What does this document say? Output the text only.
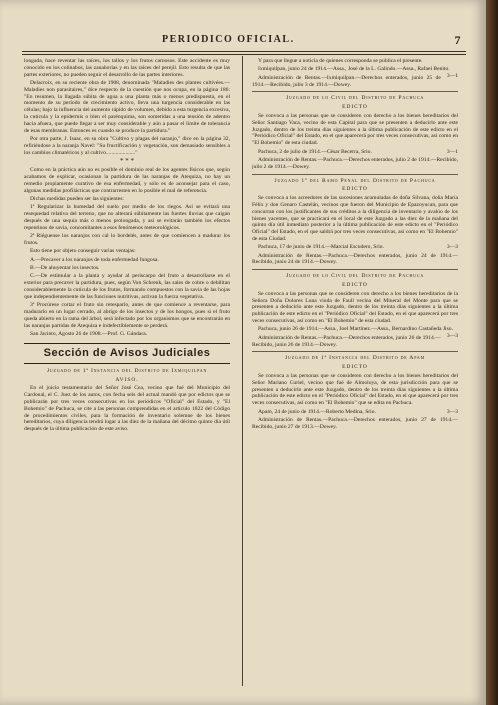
PERIODICO OFICIAL.	7

longada, hace reventar las raíces, los tallos y los frutos carnosos. Este accidente es muy conocido en los colinabos, las zanahorias y en las raíces del perejil. Esto resulta de que las partes exteriores, no pueden seguir el desarrollo de las partes interiores.

Delacroix, en su reciente obra de 1908, denominada "Maladies des plantes cultivées.—Maladies non parasitaires," dice respecto de la cuestión que nos ocupa, en la página 186: "En resumen, la llagada súbita de agua a una planta más o menos predispuesta, en el momento de su período de crecimiento activo, lleva una turgencia considerable en las células; bajo la influencia del aumento rápido de volumen, debido a esta turgencia excesiva, la cutícula y la epidermis o bien el parénquima, son sometidas a una tensión de adentro hacia afuera, que puede llegar a ser muy considerable y aún a pasar el límite de tolerancia de esas membranas. Entonces es cuando se produce la partidura."

Por otra parte, J. Isaac, en su obra "Cultivo y plagas del naranjo," dice en la página 32, refiriéndose a la naranja Navel: "Su fructificación y vegetación, son demasiado sensibles a los cambios climatéricos y al cultivo....................."

* * *

Como en la práctica aún no es posible el dominio real de los agentes físicos que, según acabamos de explicar, ocasionan la partidura de las naranjas de Atequiza, no hay un remedio propiamente curativo de esa enfermedad, y sólo es de aconsejar para el caso, algunas medidas profilácticas que contrarresten en lo posible el mal de referencia.

Dichas medidas pueden ser las siguientes:

1ª Regularizar la humedad del suelo por medio de los riegos. Así se evitará una resequedad relativa del terreno, que no alterará súbitamente las fuertes lluvias que caigan después de una sequía más o menos prolongada, y así se evitarán también los efectos repentinos de savia, concomitantes a esos fenómenos meteorológicos.

2ª Riéguense los naranjos con cal lo bordelés, antes de que comiencen a madurar los frutos.

Esto tiene por objeto conseguir varias ventajas:

A.—Precaver a los naranjos de toda enfermedad fungosa.

B.—De ahuyentar los insectos.

C.—De estimular a la planta y ayudar al periscarpo del fruto a desarrollarse en el exterior para precaver la partidura, pues, según Von Schrenk, las sales de cobre o debilitan considerablemente la cutícula de los frutos, formando compuestos con la savia de las hojas que independientemente de las funciones nutritivas, activan la fuerza vegetativa.

3ª Procúrese cortar el fruto sin retesparlo, antes de que comience a reventarse, para madurarlo en un lugar cerrado, al abrigo de los insectos y de los hongos, pues si el fruto queda abierto en la rama del árbol, será infectado por los organismos que se encontrarán en las naranjas partidas de Atequiza e indefectiblemente se perderá.

San Jacinto, Agosto 26 de 1908.—Prof. G. Gándara.

Sección de Avisos Judiciales
Juzgado de 1ª Instancia del Distrito de Ixmiquilpan
AVISO.

En el juicio testamentario del Señor José Cea, vecino que fué del Municipio del Cardonal, el C. Juez de los autos, con fecha seis del actual mandó que por edictos que se publicarán por tres veces consecutivas en los periódicos "Oficial" del Estado, y "El Bohemio" de Pachuca, se cite a las personas comprendidas en el artículo 1822 del Código de procedimientos civiles, para la formación de inventario solemne de los bienes hereditarios, cuya diligencia tendrá lugar a las diez de la mañana del décimo quinto día útil después de la última publicación de este aviso.

Y para que llegue a noticia de quienes corresponda se publica el presente.

Ixmiquilpan, junio 24 de 1914.—Assa., José de la L. Galindo.—Assa., Rafael Benito.
3—1

Administración de Rentas.—Ixmiquilpan.—Derechos enterados, junio 25 de 1914.—Recibido, julio 3 de 1914.—Dowey.

Juzgado de lo Civil del Distrito de Pachuca
EDICTO

Se convoca a las personas que se consideren con derecho a los bienes hereditarios del Señor Santiago Vaca, vecino de esta Capital para que se presenten a deducirlo ante este Juzgado, dentro de los treinta días siguientes a la última publicación de este edicto en el "Periódico Oficial" del Estado, en el que aparecerá por tres veces consecutivas, así como en "El Bohemio" de esta ciudad.

Pachuca, 2 de julio de 1914.—César Becerra, Srio.	3—1

Administración de Rentas.—Pachuca.—Derechos enterados, julio 2 de 1914.—Recibido, julio 2 de 1914.—Dowey.

Juzgado 1º del Ramo Penal del Distrito de Pachuca
EDICTO

Se convoca a los acreedores de las sucesiones acumuladas de doña Silvana, doña María Félix y don Genaro Castelán, vecinos que fueron del Municipio de Epazoyucan, para que concurran con los justificantes de sus créditos a la diligencia de inventario y avalúo de los bienes yacentes, que se practicará en el local de este Juzgado a las diez de la mañana del quinto día útil inmediato posterior a la última publicación de este edicto en el "Periódico Oficial" del Estado, en el que saldrá por tres veces consecutivas, así como en "El Bohemio" de esta Ciudad.

Pachuca, 17 de junio de 1914.—Marcial Escudero, Srio.	3—3

Administración de Rentas.—Pachuca.—Derechos enterados, junio 24 de 1914.—Recibido, junio 24 de 1914.—Dowey.

Juzgado de lo Civil del Distrito de Pachuca
EDICTO

Se convoca a las personas que se consideren con derecho a los bienes hereditarios de la Señora Doña Dolores Luna viuda de Faull vecina del Mineral del Monte para que se presenten a deducirlo ante este Juzgado, dentro de los treinta días siguientes a la última publicación de este edicto en el "Periódico Oficial" del Estado, en el que aparecerá por tres veces consecutivas, así como en "El Bohemio" de esta ciudad.

Pachuca, junio 26 de 1914.—Assa., Joel Martínez.—Assa., Bernardino Castañeda Jiso.
3—3

Administración de Rentas.—Pachuca.—Derechos enterados, junio 26 de 1914.—Recibido, junio 26 de 1914.—Dowey.

Juzgado de 1ª Instancia del Distrito de Apam
EDICTO

Se convoca a las personas que se consideren con derecho a los bienes hereditarios del Señor Mariano Curiel, vecino que fué de Almoloya, de esta jurisdicción para que se presenten a deducirlo ante este Juzgado, dentro de los treinta días siguientes a la última publicación de este edicto en el "Periódico Oficial" del Estado, en el que aparecerá por tres veces consecutivas, así como en "El Bohemio" que se edita en Pachuca.

Apam, 24 de junio de 1914.—Roberto Medina, Srio.	3—3

Administración de Rentas.—Pachuca.—Derechos enterados, junio 27 de 1914.—Recibido, junio 27 de 1913.—Dowey.
